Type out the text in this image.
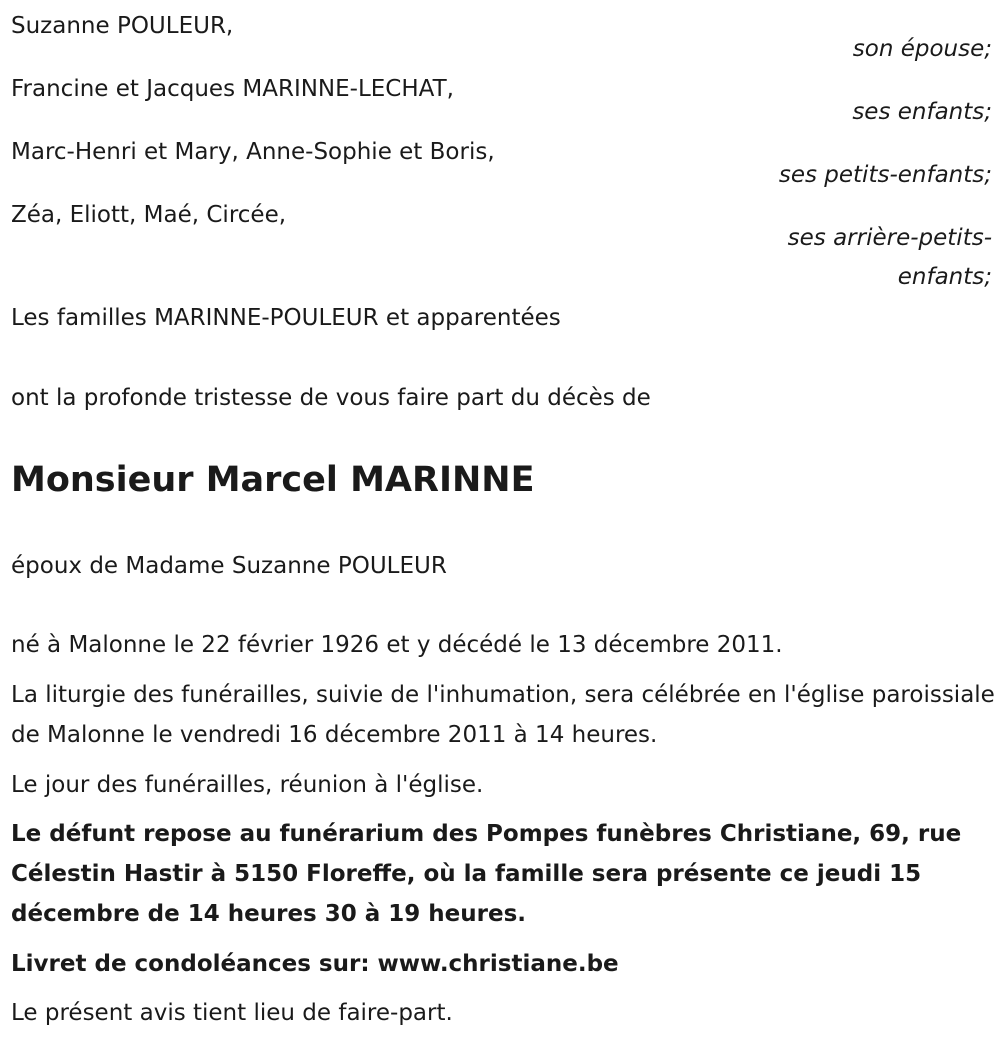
Suzanne POULEUR,
son épouse;
Francine et Jacques MARINNE-LECHAT,
ses enfants;
Marc-Henri et Mary, Anne-Sophie et Boris,
ses petits-enfants;
Zéa, Eliott, Maé, Circée,
ses arrière-petits-
enfants;
Les familles MARINNE-POULEUR et apparentées
ont la profonde tristesse de vous faire part du décès de
Monsieur Marcel MARINNE
époux de Madame Suzanne POULEUR
né à Malonne le 22 février 1926 et y décédé le 13 décembre 2011.
La liturgie des funérailles, suivie de l'inhumation, sera célébrée en l'église paroissiale de Malonne le vendredi 16 décembre 2011 à 14 heures.
Le jour des funérailles, réunion à l'église.
Le défunt repose au funérarium des Pompes funèbres Christiane, 69, rue Célestin Hastir à 5150 Floreffe, où la famille sera présente ce jeudi 15 décembre de 14 heures 30 à 19 heures.
Livret de condoléances sur: www.christiane.be
Le présent avis tient lieu de faire-part.
